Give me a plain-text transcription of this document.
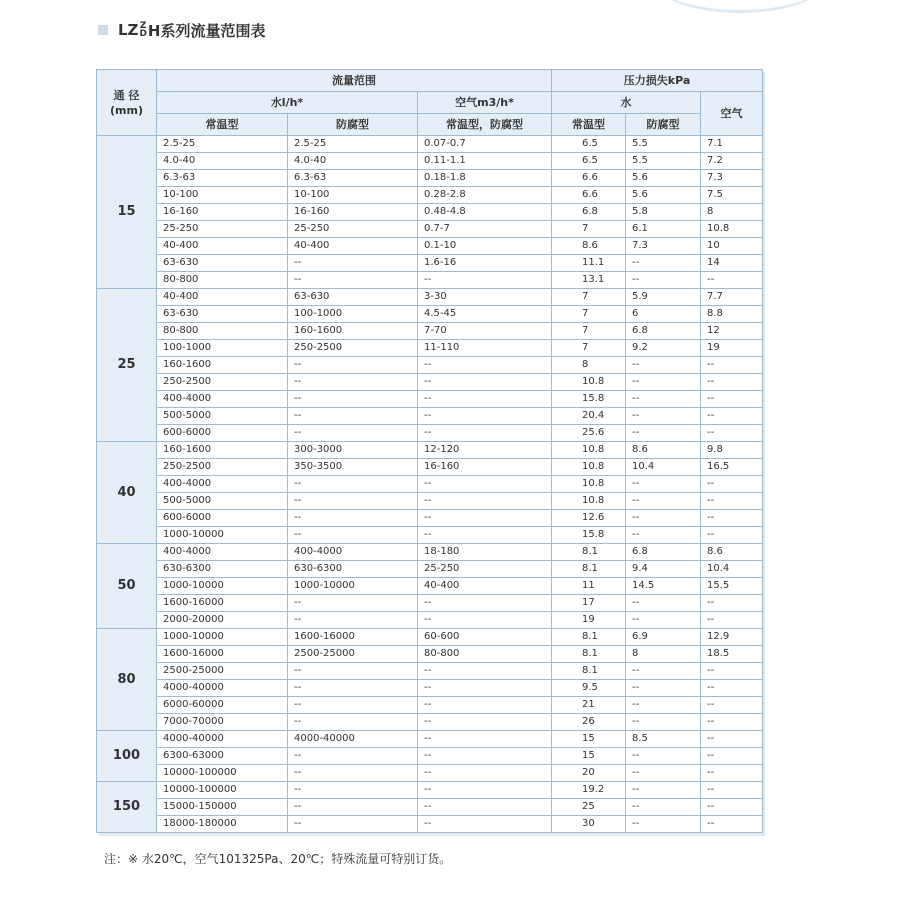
LZ Z
D H系列流量范围表
通 径
(mm)	流量范围			压力损失kPa		
	水l/h*		空气m3/h*	水		空气
	常温型	防腐型	常温型，防腐型	常温型	防腐型	
15	2.5-25	2.5-25	0.07-0.7	6.5	5.5	7.1
	4.0-40	4.0-40	0.11-1.1	6.5	5.5	7.2
	6.3-63	6.3-63	0.18-1.8	6.6	5.6	7.3
	10-100	10-100	0.28-2.8	6.6	5.6	7.5
	16-160	16-160	0.48-4.8	6.8	5.8	8
	25-250	25-250	0.7-7	7	6.1	10.8
	40-400	40-400	0.1-10	8.6	7.3	10
	63-630	--	1.6-16	11.1	--	14
	80-800	--	--	13.1	--	--
25	40-400	63-630	3-30	7	5.9	7.7
	63-630	100-1000	4.5-45	7	6	8.8
	80-800	160-1600	7-70	7	6.8	12
	100-1000	250-2500	11-110	7	9.2	19
	160-1600	--	--	8	--	--
	250-2500	--	--	10.8	--	--
	400-4000	--	--	15.8	--	--
	500-5000	--	--	20.4	--	--
	600-6000	--	--	25.6	--	--
40	160-1600	300-3000	12-120	10.8	8.6	9.8
	250-2500	350-3500	16-160	10.8	10.4	16.5
	400-4000	--	--	10.8	--	--
	500-5000	--	--	10.8	--	--
	600-6000	--	--	12.6	--	--
	1000-10000	--	--	15.8	--	--
50	400-4000	400-4000	18-180	8.1	6.8	8.6
	630-6300	630-6300	25-250	8.1	9.4	10.4
	1000-10000	1000-10000	40-400	11	14.5	15.5
	1600-16000	--	--	17	--	--
	2000-20000	--	--	19	--	--
80	1000-10000	1600-16000	60-600	8.1	6.9	12.9
	1600-16000	2500-25000	80-800	8.1	8	18.5
	2500-25000	--	--	8.1	--	--
	4000-40000	--	--	9.5	--	--
	6000-60000	--	--	21	--	--
	7000-70000	--	--	26	--	--
100	4000-40000	4000-40000	--	15	8.5	--
	6300-63000	--	--	15	--	--
	10000-100000	--	--	20	--	--
150	10000-100000	--	--	19.2	--	--
	15000-150000	--	--	25	--	--
	18000-180000	--	--	30	--	--
注：※ 水20℃，空气101325Pa、20℃；特殊流量可特别订货。
